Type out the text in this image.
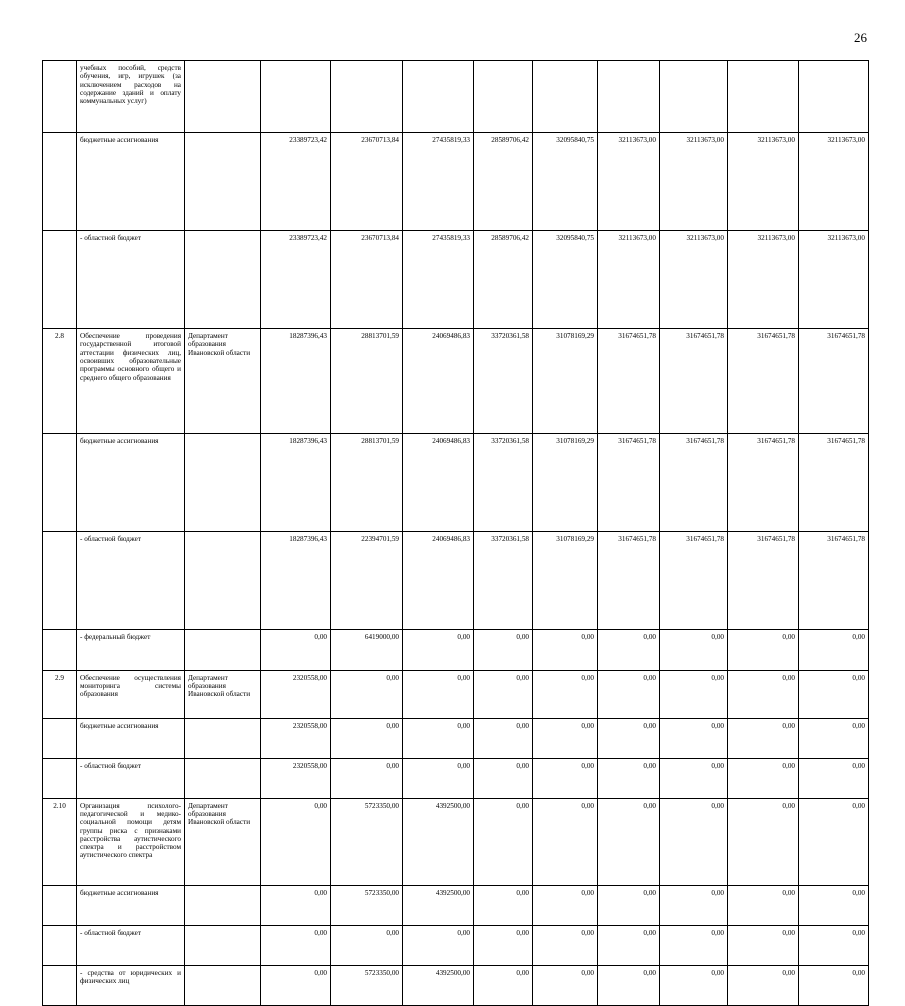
26
	учебных пособий, средств обучения, игр, игрушек (за исключением расходов на содержание зданий и оплату коммунальных услуг)											
	бюджетные ассигнования		23389723,42	23670713,84	27435819,33	28589706,42	32095840,75	32113673,00	32113673,00	32113673,00	32113673,00	
	- областной бюджет		23389723,42	23670713,84	27435819,33	28589706,42	32095840,75	32113673,00	32113673,00	32113673,00	32113673,00	
2.8	Обеспечение проведения государственной итоговой аттестации физических лиц, освоивших образовательные программы основного общего и среднего общего образования	Департамент образования Ивановской области	18287396,43	28813701,59	24069486,83	33720361,58	31078169,29	31674651,78	31674651,78	31674651,78	31674651,78	
	бюджетные ассигнования		18287396,43	28813701,59	24069486,83	33720361,58	31078169,29	31674651,78	31674651,78	31674651,78	31674651,78	
	- областной бюджет		18287396,43	22394701,59	24069486,83	33720361,58	31078169,29	31674651,78	31674651,78	31674651,78	31674651,78	
	- федеральный бюджет		0,00	6419000,00	0,00	0,00	0,00	0,00	0,00	0,00	0,00	
2.9	Обеспечение осуществления мониторинга системы образования	Департамент образования Ивановской области	2320558,00	0,00	0,00	0,00	0,00	0,00	0,00	0,00	0,00	
	бюджетные ассигнования		2320558,00	0,00	0,00	0,00	0,00	0,00	0,00	0,00	0,00	
	- областной бюджет		2320558,00	0,00	0,00	0,00	0,00	0,00	0,00	0,00	0,00	
2.10	Организация психолого-педагогической и медико-социальной помощи детям группы риска с признаками расстройства аутистического спектра и расстройством аутистического спектра	Департамент образования Ивановской области	0,00	5723350,00	4392500,00	0,00	0,00	0,00	0,00	0,00	0,00	
	бюджетные ассигнования		0,00	5723350,00	4392500,00	0,00	0,00	0,00	0,00	0,00	0,00	
	- областной бюджет		0,00	0,00	0,00	0,00	0,00	0,00	0,00	0,00	0,00	
	- средства от юридических и физических лиц		0,00	5723350,00	4392500,00	0,00	0,00	0,00	0,00	0,00	0,00	
